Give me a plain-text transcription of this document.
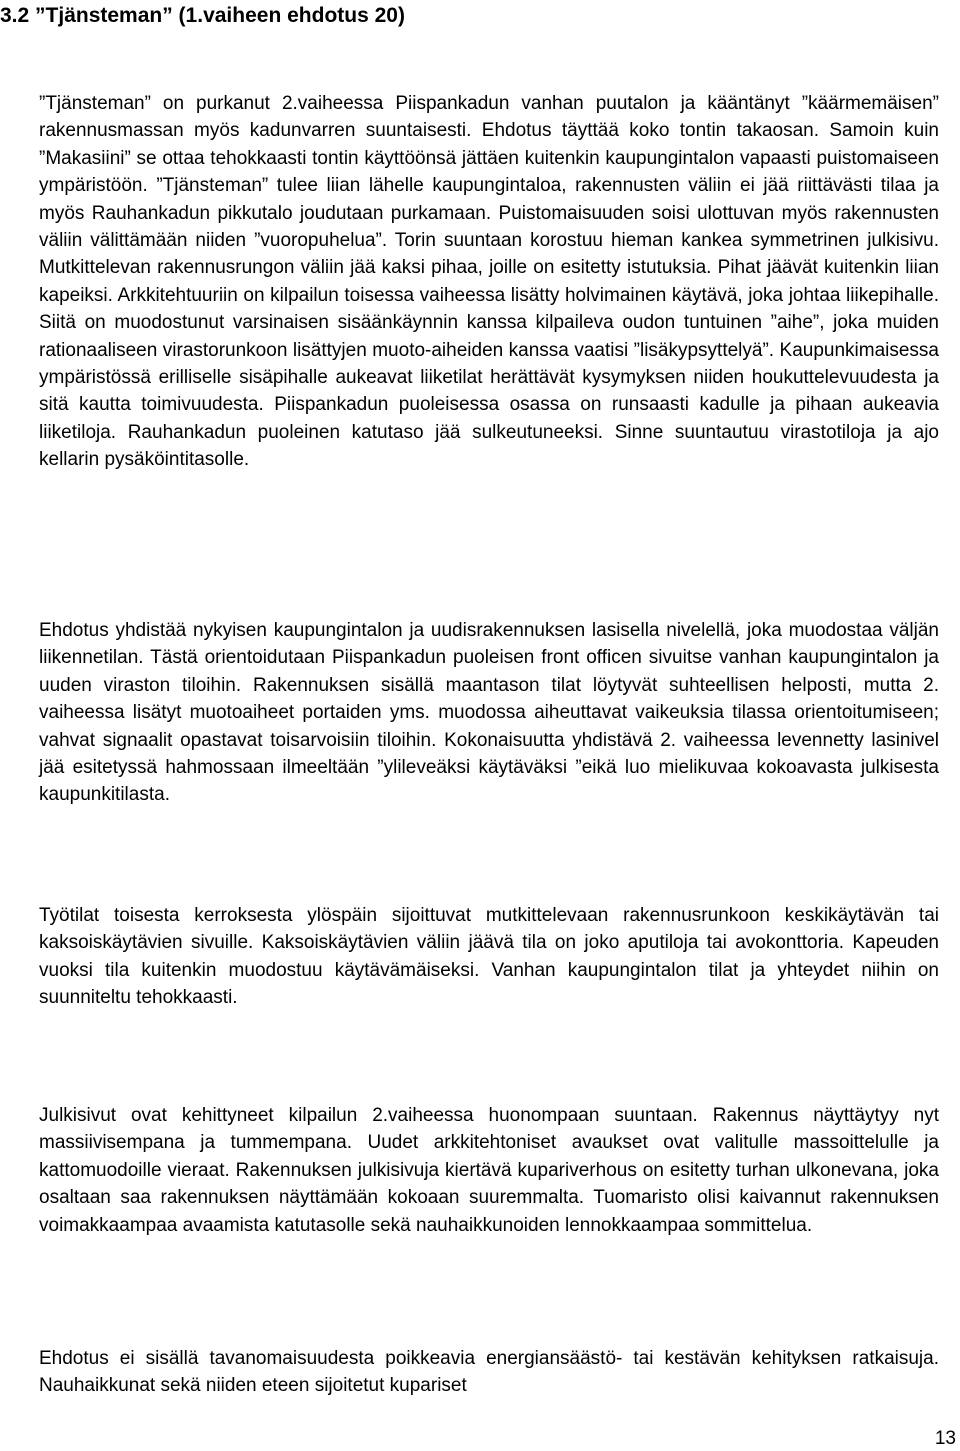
3.2 ”Tjänsteman” (1.vaiheen ehdotus 20)

”Tjänsteman” on purkanut 2.vaiheessa Piispankadun vanhan puutalon ja kääntänyt ”käärmemäisen” rakennusmassan myös kadunvarren suuntaisesti. Ehdotus täyttää koko tontin takaosan. Samoin kuin ”Makasiini” se ottaa tehokkaasti tontin käyttöönsä jättäen kuitenkin kaupungintalon vapaasti puistomaiseen ympäristöön. ”Tjänsteman” tulee liian lähelle kaupungintaloa, rakennusten väliin ei jää riittävästi tilaa ja myös Rauhankadun pikkutalo joudutaan purkamaan. Puistomaisuuden soisi ulottuvan myös rakennusten väliin välittämään niiden ”vuoropuhelua”. Torin suuntaan korostuu hieman kankea symmetrinen julkisivu. Mutkittelevan rakennusrungon väliin jää kaksi pihaa, joille on esitetty istutuksia. Pihat jäävät kuitenkin liian kapeiksi. Arkkitehtuuriin on kilpailun toisessa vaiheessa lisätty holvimainen käytävä, joka johtaa liikepihalle. Siitä on muodostunut varsinaisen sisäänkäynnin kanssa kilpaileva oudon tuntuinen ”aihe”, joka muiden rationaaliseen virastorunkoon lisättyjen muoto-aiheiden kanssa vaatisi ”lisäkypsyttelyä”. Kaupunkimaisessa ympäristössä erilliselle sisäpihalle aukeavat liiketilat herättävät kysymyksen niiden houkuttelevuudesta ja sitä kautta toimivuudesta. Piispankadun puoleisessa osassa on runsaasti kadulle ja pihaan aukeavia liiketiloja. Rauhankadun puoleinen katutaso jää sulkeutuneeksi. Sinne suuntautuu virastotiloja ja ajo kellarin pysäköintitasolle.

Ehdotus yhdistää nykyisen kaupungintalon ja uudisrakennuksen lasisella nivelellä, joka muodostaa väljän liikennetilan. Tästä orientoidutaan Piispankadun puoleisen front officen sivuitse vanhan kaupungintalon ja uuden viraston tiloihin. Rakennuksen sisällä maantason tilat löytyvät suhteellisen helposti, mutta 2. vaiheessa lisätyt muotoaiheet portaiden yms. muodossa aiheuttavat vaikeuksia tilassa orientoitumiseen; vahvat signaalit opastavat toisarvoisiin tiloihin. Kokonaisuutta yhdistävä 2. vaiheessa levennetty lasinivel jää esitetyssä hahmossaan ilmeeltään ”ylileveäksi käytäväksi ”eikä luo mielikuvaa kokoavasta julkisesta kaupunkitilasta.

Työtilat toisesta kerroksesta ylöspäin sijoittuvat mutkittelevaan rakennusrunkoon keskikäytävän tai kaksoiskäytävien sivuille. Kaksoiskäytävien väliin jäävä tila on joko aputiloja tai avokonttoria. Kapeuden vuoksi tila kuitenkin muodostuu käytävämäiseksi. Vanhan kaupungintalon tilat ja yhteydet niihin on suunniteltu tehokkaasti.

Julkisivut ovat kehittyneet kilpailun 2.vaiheessa huonompaan suuntaan. Rakennus näyttäytyy nyt massiivisempana ja tummempana. Uudet arkkitehtoniset avaukset ovat valitulle massoittelulle ja kattomuodoille vieraat. Rakennuksen julkisivuja kiertävä kupariverhous on esitetty turhan ulkonevana, joka osaltaan saa rakennuksen näyttämään kokoaan suuremmalta. Tuomaristo olisi kaivannut rakennuksen voimakkaampaa avaamista katutasolle sekä nauhaikkunoiden lennokkaampaa sommittelua.

Ehdotus ei sisällä tavanomaisuudesta poikkeavia energiansäästö- tai kestävän kehityksen ratkaisuja. Nauhaikkunat sekä niiden eteen sijoitetut kupariset

13
